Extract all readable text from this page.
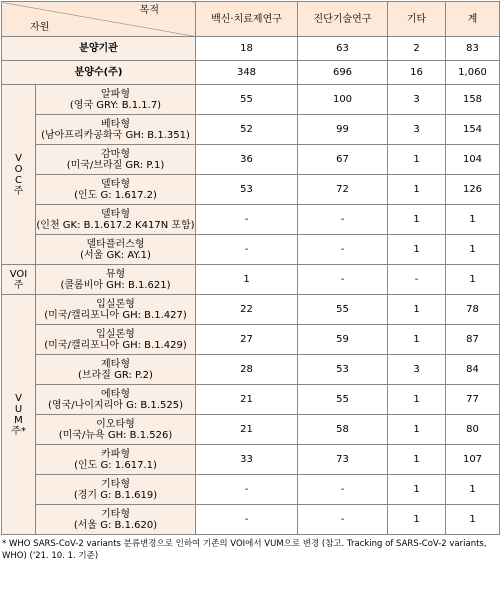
목적
자원		백신·치료제연구	진단기술연구	기타	계
분양기관		18	63	2	83
분양수(주)		348	696	16	1,060

V
O
C
주	알파형
(영국 GRY: B.1.1.7)	55	100	3	158

	베타형
(남아프리카공화국 GH: B.1.351)	52	99	3	154

	감마형
(미국/브라질 GR: P.1)	36	67	1	104

	델타형
(인도 G: 1.617.2)	53	72	1	126

	델타형
(인천 GK: B.1.617.2 K417N 포함)	-	-	1	1

	델타플러스형
(서울 GK: AY.1)	-	-	1	1

VOI
주	뮤형
(콜롬비아 GH: B.1.621)	1	-	-	1

V
U
M
주*	입실론형
(미국/캘리포니아 GH: B.1.427)	22	55	1	78

	입실론형
(미국/캘리포니아 GH: B.1.429)	27	59	1	87

	제타형
(브라질 GR: P.2)	28	53	3	84

	에타형
(영국/나이지리아 G: B.1.525)	21	55	1	77

	이오타형
(미국/뉴욕 GH: B.1.526)	21	58	1	80

	카파형
(인도 G: 1.617.1)	33	73	1	107

	기타형
(경기 G: B.1.619)	-	-	1	1

	기타형
(서울 G: B.1.620)	-	-	1	1
* WHO SARS-CoV-2 variants 분류변경으로 인하여 기존의 VOI에서 VUM으로 변경 (참고. Tracking of SARS-CoV-2 variants, WHO) ('21. 10. 1. 기준)
